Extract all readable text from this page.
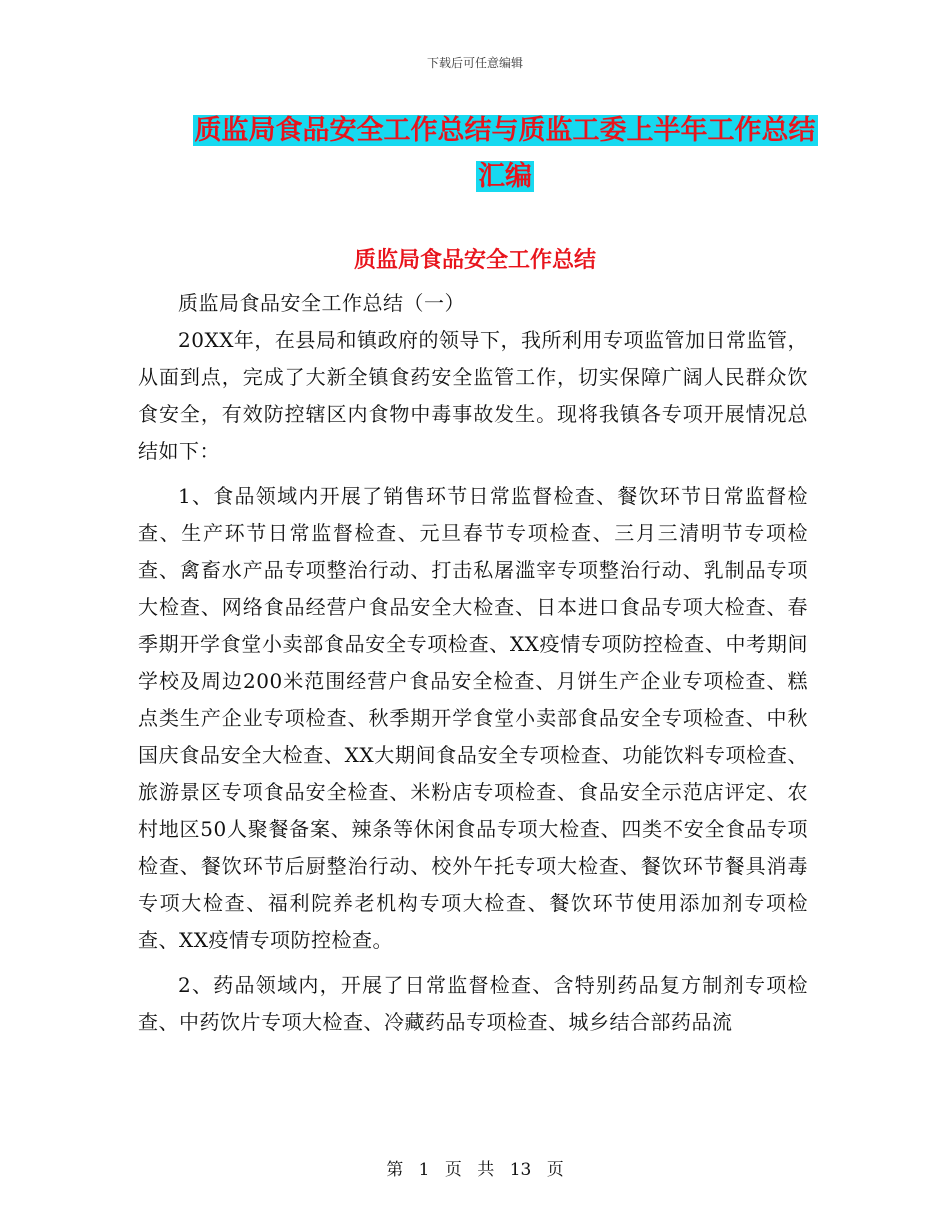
下载后可任意编辑
质监局食品安全工作总结与质监工委上半年工作总结
汇编
质监局食品安全工作总结

质监局食品安全工作总结（一）

20XX年，在县局和镇政府的领导下，我所利用专项监管加日常监管，从面到点，完成了大新全镇食药安全监管工作，切实保障广阔人民群众饮食安全，有效防控辖区内食物中毒事故发生。现将我镇各专项开展情况总结如下：

1、食品领域内开展了销售环节日常监督检查、餐饮环节日常监督检查、生产环节日常监督检查、元旦春节专项检查、三月三清明节专项检查、禽畜水产品专项整治行动、打击私屠滥宰专项整治行动、乳制品专项大检查、网络食品经营户食品安全大检查、日本进口食品专项大检查、春季期开学食堂小卖部食品安全专项检查、XX疫情专项防控检查、中考期间学校及周边200米范围经营户食品安全检查、月饼生产企业专项检查、糕点类生产企业专项检查、秋季期开学食堂小卖部食品安全专项检查、中秋国庆食品安全大检查、XX大期间食品安全专项检查、功能饮料专项检查、旅游景区专项食品安全检查、米粉店专项检查、食品安全示范店评定、农村地区50人聚餐备案、辣条等休闲食品专项大检查、四类不安全食品专项检查、餐饮环节后厨整治行动、校外午托专项大检查、餐饮环节餐具消毒专项大检查、福利院养老机构专项大检查、餐饮环节使用添加剂专项检查、XX疫情专项防控检查。

2、药品领域内，开展了日常监督检查、含特别药品复方制剂专项检查、中药饮片专项大检查、冷藏药品专项检查、城乡结合部药品流

第 1 页 共 13 页
